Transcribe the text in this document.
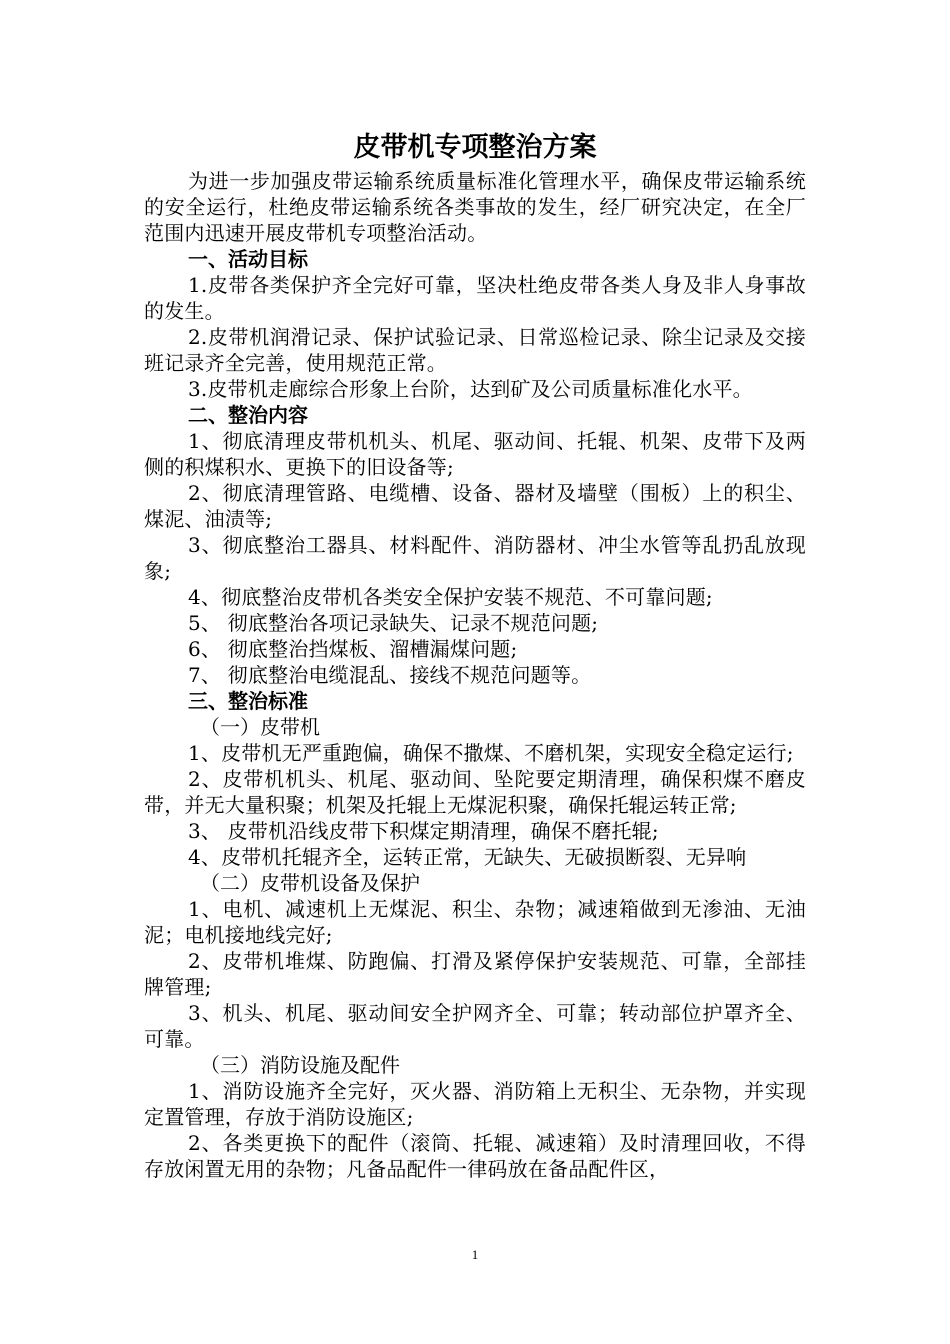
皮带机专项整治方案

为进一步加强皮带运输系统质量标准化管理水平，确保皮带运输系统的安全运行，杜绝皮带运输系统各类事故的发生，经厂研究决定，在全厂范围内迅速开展皮带机专项整治活动。

一、活动目标

1.皮带各类保护齐全完好可靠，坚决杜绝皮带各类人身及非人身事故的发生。

2.皮带机润滑记录、保护试验记录、日常巡检记录、除尘记录及交接班记录齐全完善，使用规范正常。

3.皮带机走廊综合形象上台阶，达到矿及公司质量标准化水平。

二、整治内容

1、彻底清理皮带机机头、机尾、驱动间、托辊、机架、皮带下及两侧的积煤积水、更换下的旧设备等;

2、彻底清理管路、电缆槽、设备、器材及墙壁（围板）上的积尘、煤泥、油渍等;

3、彻底整治工器具、材料配件、消防器材、冲尘水管等乱扔乱放现象;

4、彻底整治皮带机各类安全保护安装不规范、不可靠问题;

5、 彻底整治各项记录缺失、记录不规范问题;

6、 彻底整治挡煤板、溜槽漏煤问题;

7、 彻底整治电缆混乱、接线不规范问题等。

三、整治标准

（一）皮带机

1、皮带机无严重跑偏，确保不撒煤、不磨机架，实现安全稳定运行;

2、皮带机机头、机尾、驱动间、坠陀要定期清理，确保积煤不磨皮带，并无大量积聚；机架及托辊上无煤泥积聚，确保托辊运转正常;

3、 皮带机沿线皮带下积煤定期清理，确保不磨托辊;

4、皮带机托辊齐全，运转正常，无缺失、无破损断裂、无异响

（二）皮带机设备及保护

1、电机、减速机上无煤泥、积尘、杂物；减速箱做到无渗油、无油泥；电机接地线完好;

2、皮带机堆煤、防跑偏、打滑及紧停保护安装规范、可靠，全部挂牌管理;

3、机头、机尾、驱动间安全护网齐全、可靠；转动部位护罩齐全、可靠。

（三）消防设施及配件

1、消防设施齐全完好，灭火器、消防箱上无积尘、无杂物，并实现定置管理，存放于消防设施区;

2、各类更换下的配件（滚筒、托辊、减速箱）及时清理回收，不得存放闲置无用的杂物；凡备品配件一律码放在备品配件区，

1
